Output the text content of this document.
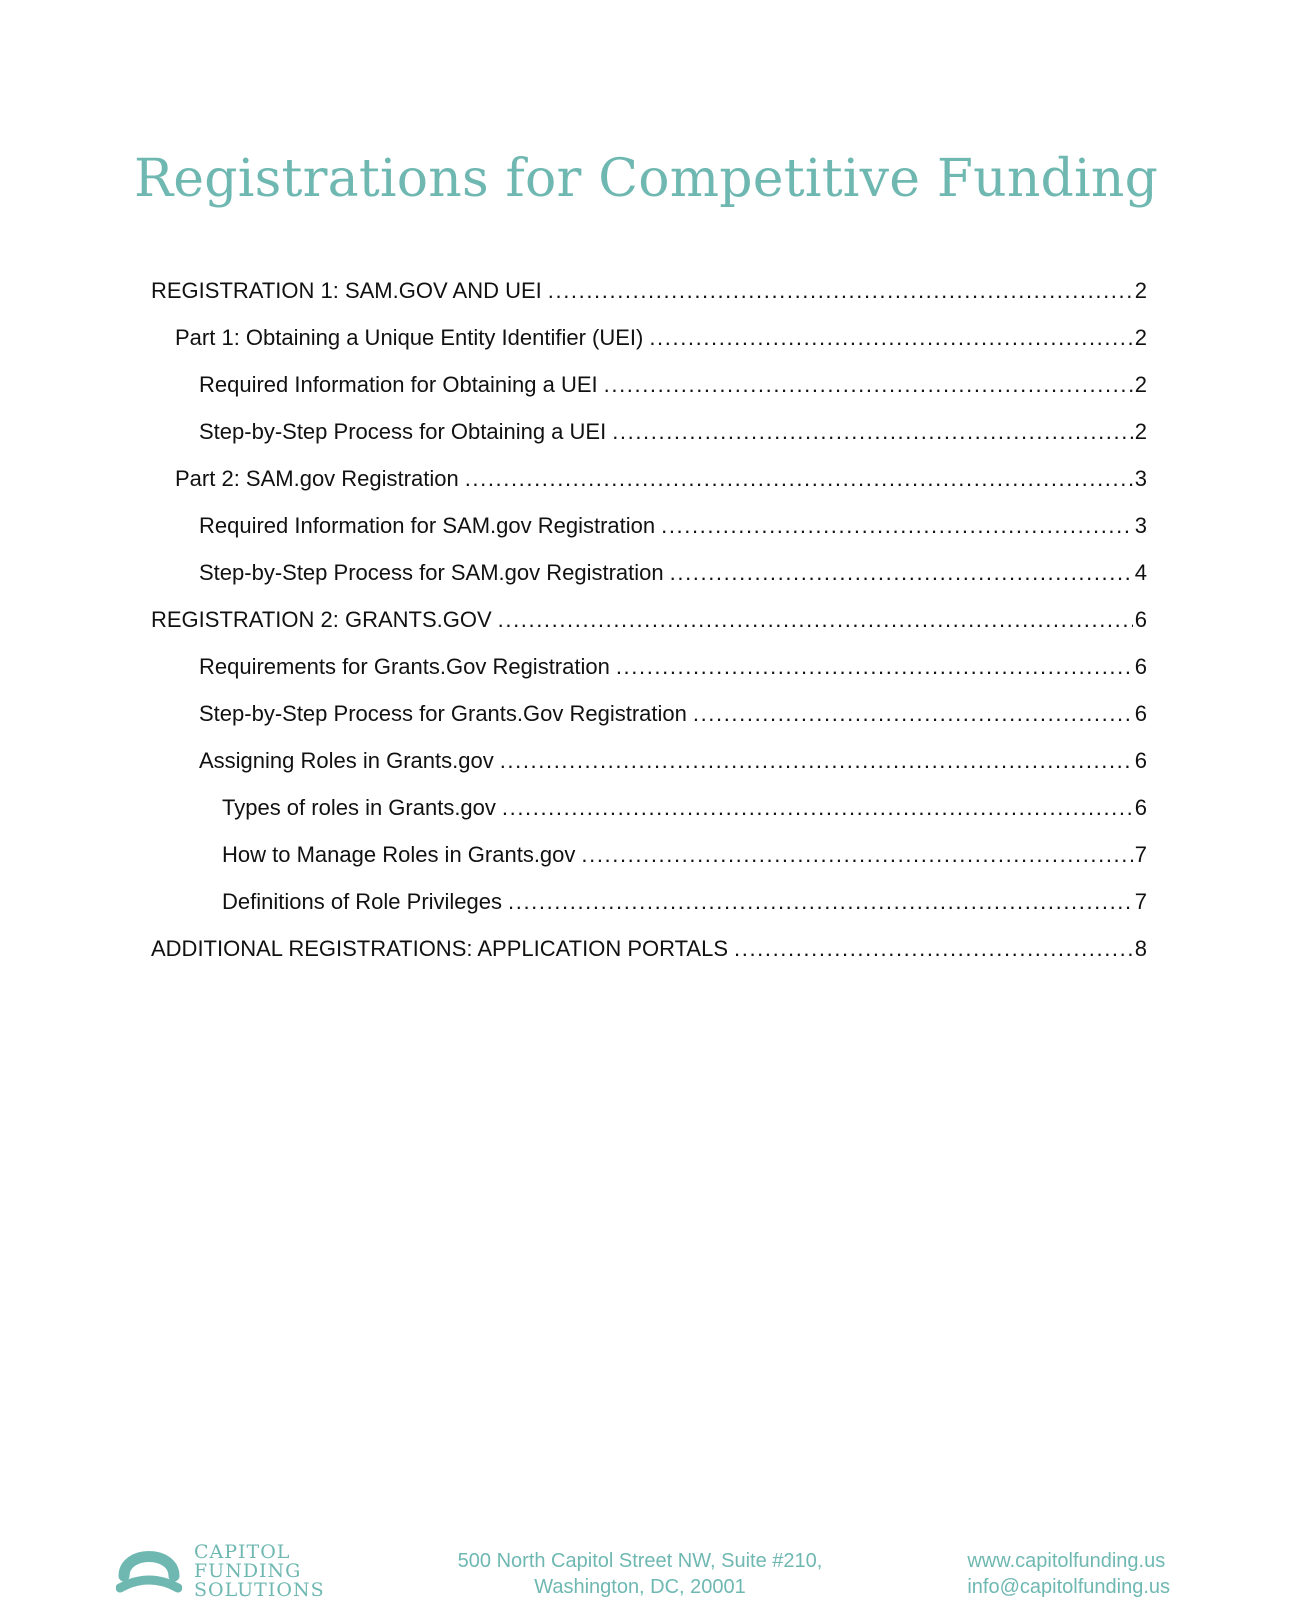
Registrations for Competitive Funding
REGISTRATION 1: SAM.GOV AND UEI .....	2
Part 1: Obtaining a Unique Entity Identifier (UEI) .....	2
Required Information for Obtaining a UEI .....	2
Step-by-Step Process for Obtaining a UEI .....	2
Part 2: SAM.gov Registration .....	3
Required Information for SAM.gov Registration .....	3
Step-by-Step Process for SAM.gov Registration .....	4
REGISTRATION 2: GRANTS.GOV .....	6
Requirements for Grants.Gov Registration .....	6
Step-by-Step Process for Grants.Gov Registration .....	6
Assigning Roles in Grants.gov .....	6
Types of roles in Grants.gov .....	6
How to Manage Roles in Grants.gov .....	7
Definitions of Role Privileges .....	7
ADDITIONAL REGISTRATIONS: APPLICATION PORTALS .....	8
CAPITOL
FUNDING
SOLUTIONS
500 North Capitol Street NW, Suite #210,
Washington, DC, 20001
www.capitolfunding.us
info@capitolfunding.us
